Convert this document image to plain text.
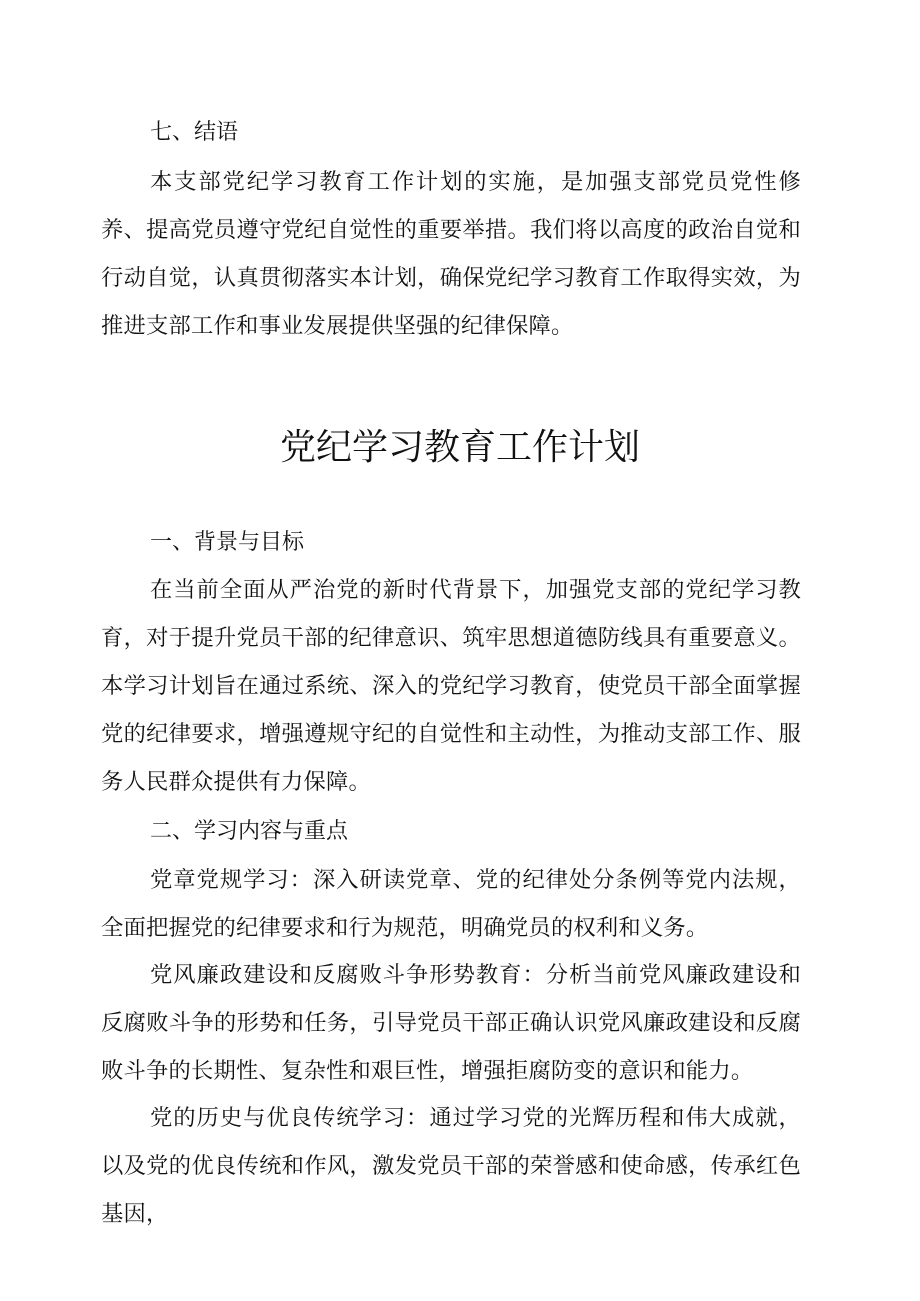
七、结语

本支部党纪学习教育工作计划的实施，是加强支部党员党性修养、提高党员遵守党纪自觉性的重要举措。我们将以高度的政治自觉和行动自觉，认真贯彻落实本计划，确保党纪学习教育工作取得实效，为推进支部工作和事业发展提供坚强的纪律保障。

党纪学习教育工作计划
一、背景与目标

在当前全面从严治党的新时代背景下，加强党支部的党纪学习教育，对于提升党员干部的纪律意识、筑牢思想道德防线具有重要意义。本学习计划旨在通过系统、深入的党纪学习教育，使党员干部全面掌握党的纪律要求，增强遵规守纪的自觉性和主动性，为推动支部工作、服务人民群众提供有力保障。

二、学习内容与重点

党章党规学习：深入研读党章、党的纪律处分条例等党内法规，全面把握党的纪律要求和行为规范，明确党员的权利和义务。

党风廉政建设和反腐败斗争形势教育：分析当前党风廉政建设和反腐败斗争的形势和任务，引导党员干部正确认识党风廉政建设和反腐败斗争的长期性、复杂性和艰巨性，增强拒腐防变的意识和能力。

党的历史与优良传统学习：通过学习党的光辉历程和伟大成就，以及党的优良传统和作风，激发党员干部的荣誉感和使命感，传承红色基因，
